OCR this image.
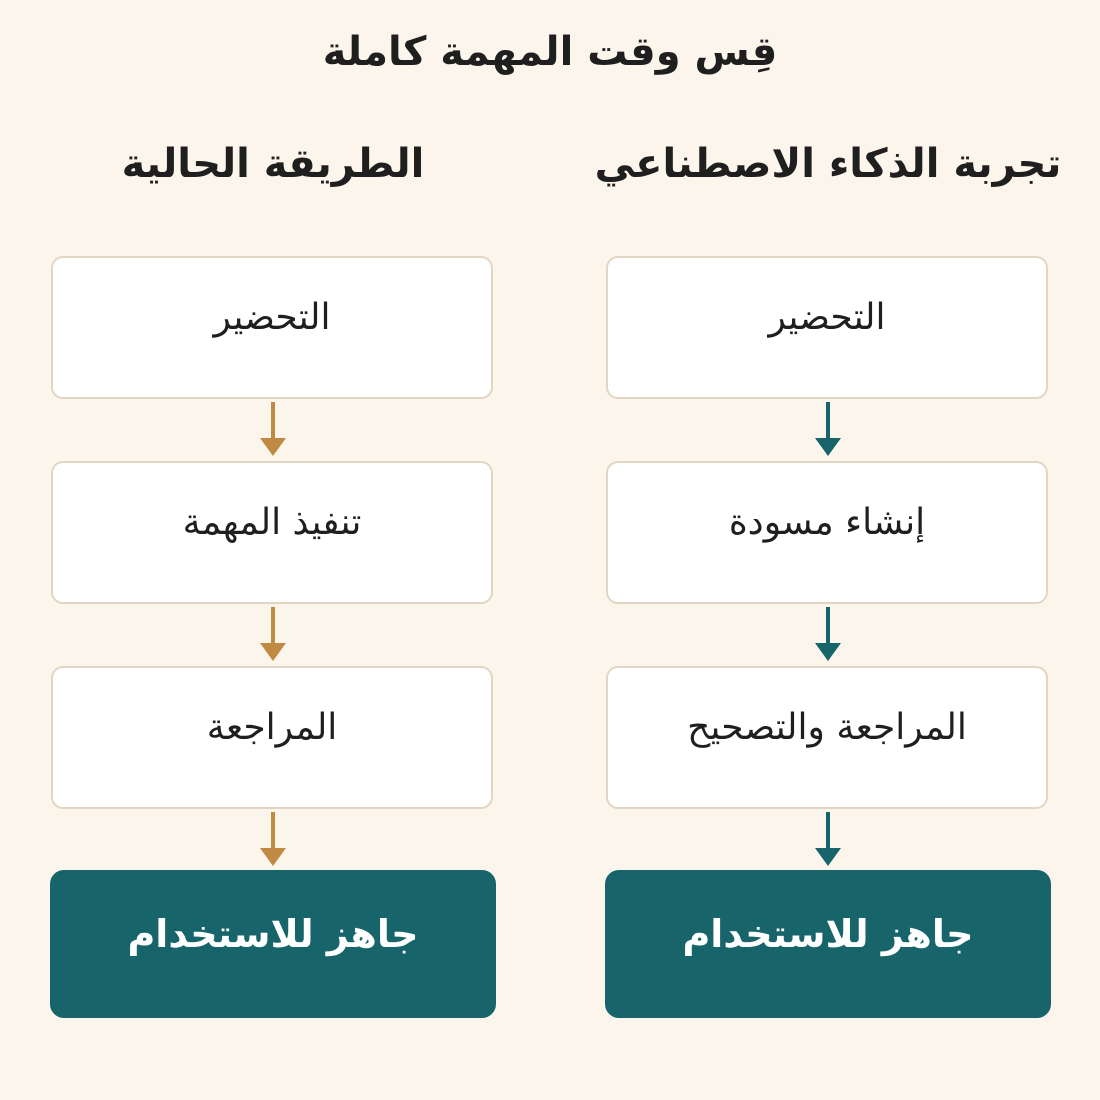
قِس وقت المهمة كاملة
الطريقة الحالية
التحضير
تنفيذ المهمة
المراجعة
جاهز للاستخدام
تجربة الذكاء الاصطناعي
التحضير
إنشاء مسودة
المراجعة والتصحيح
جاهز للاستخدام
